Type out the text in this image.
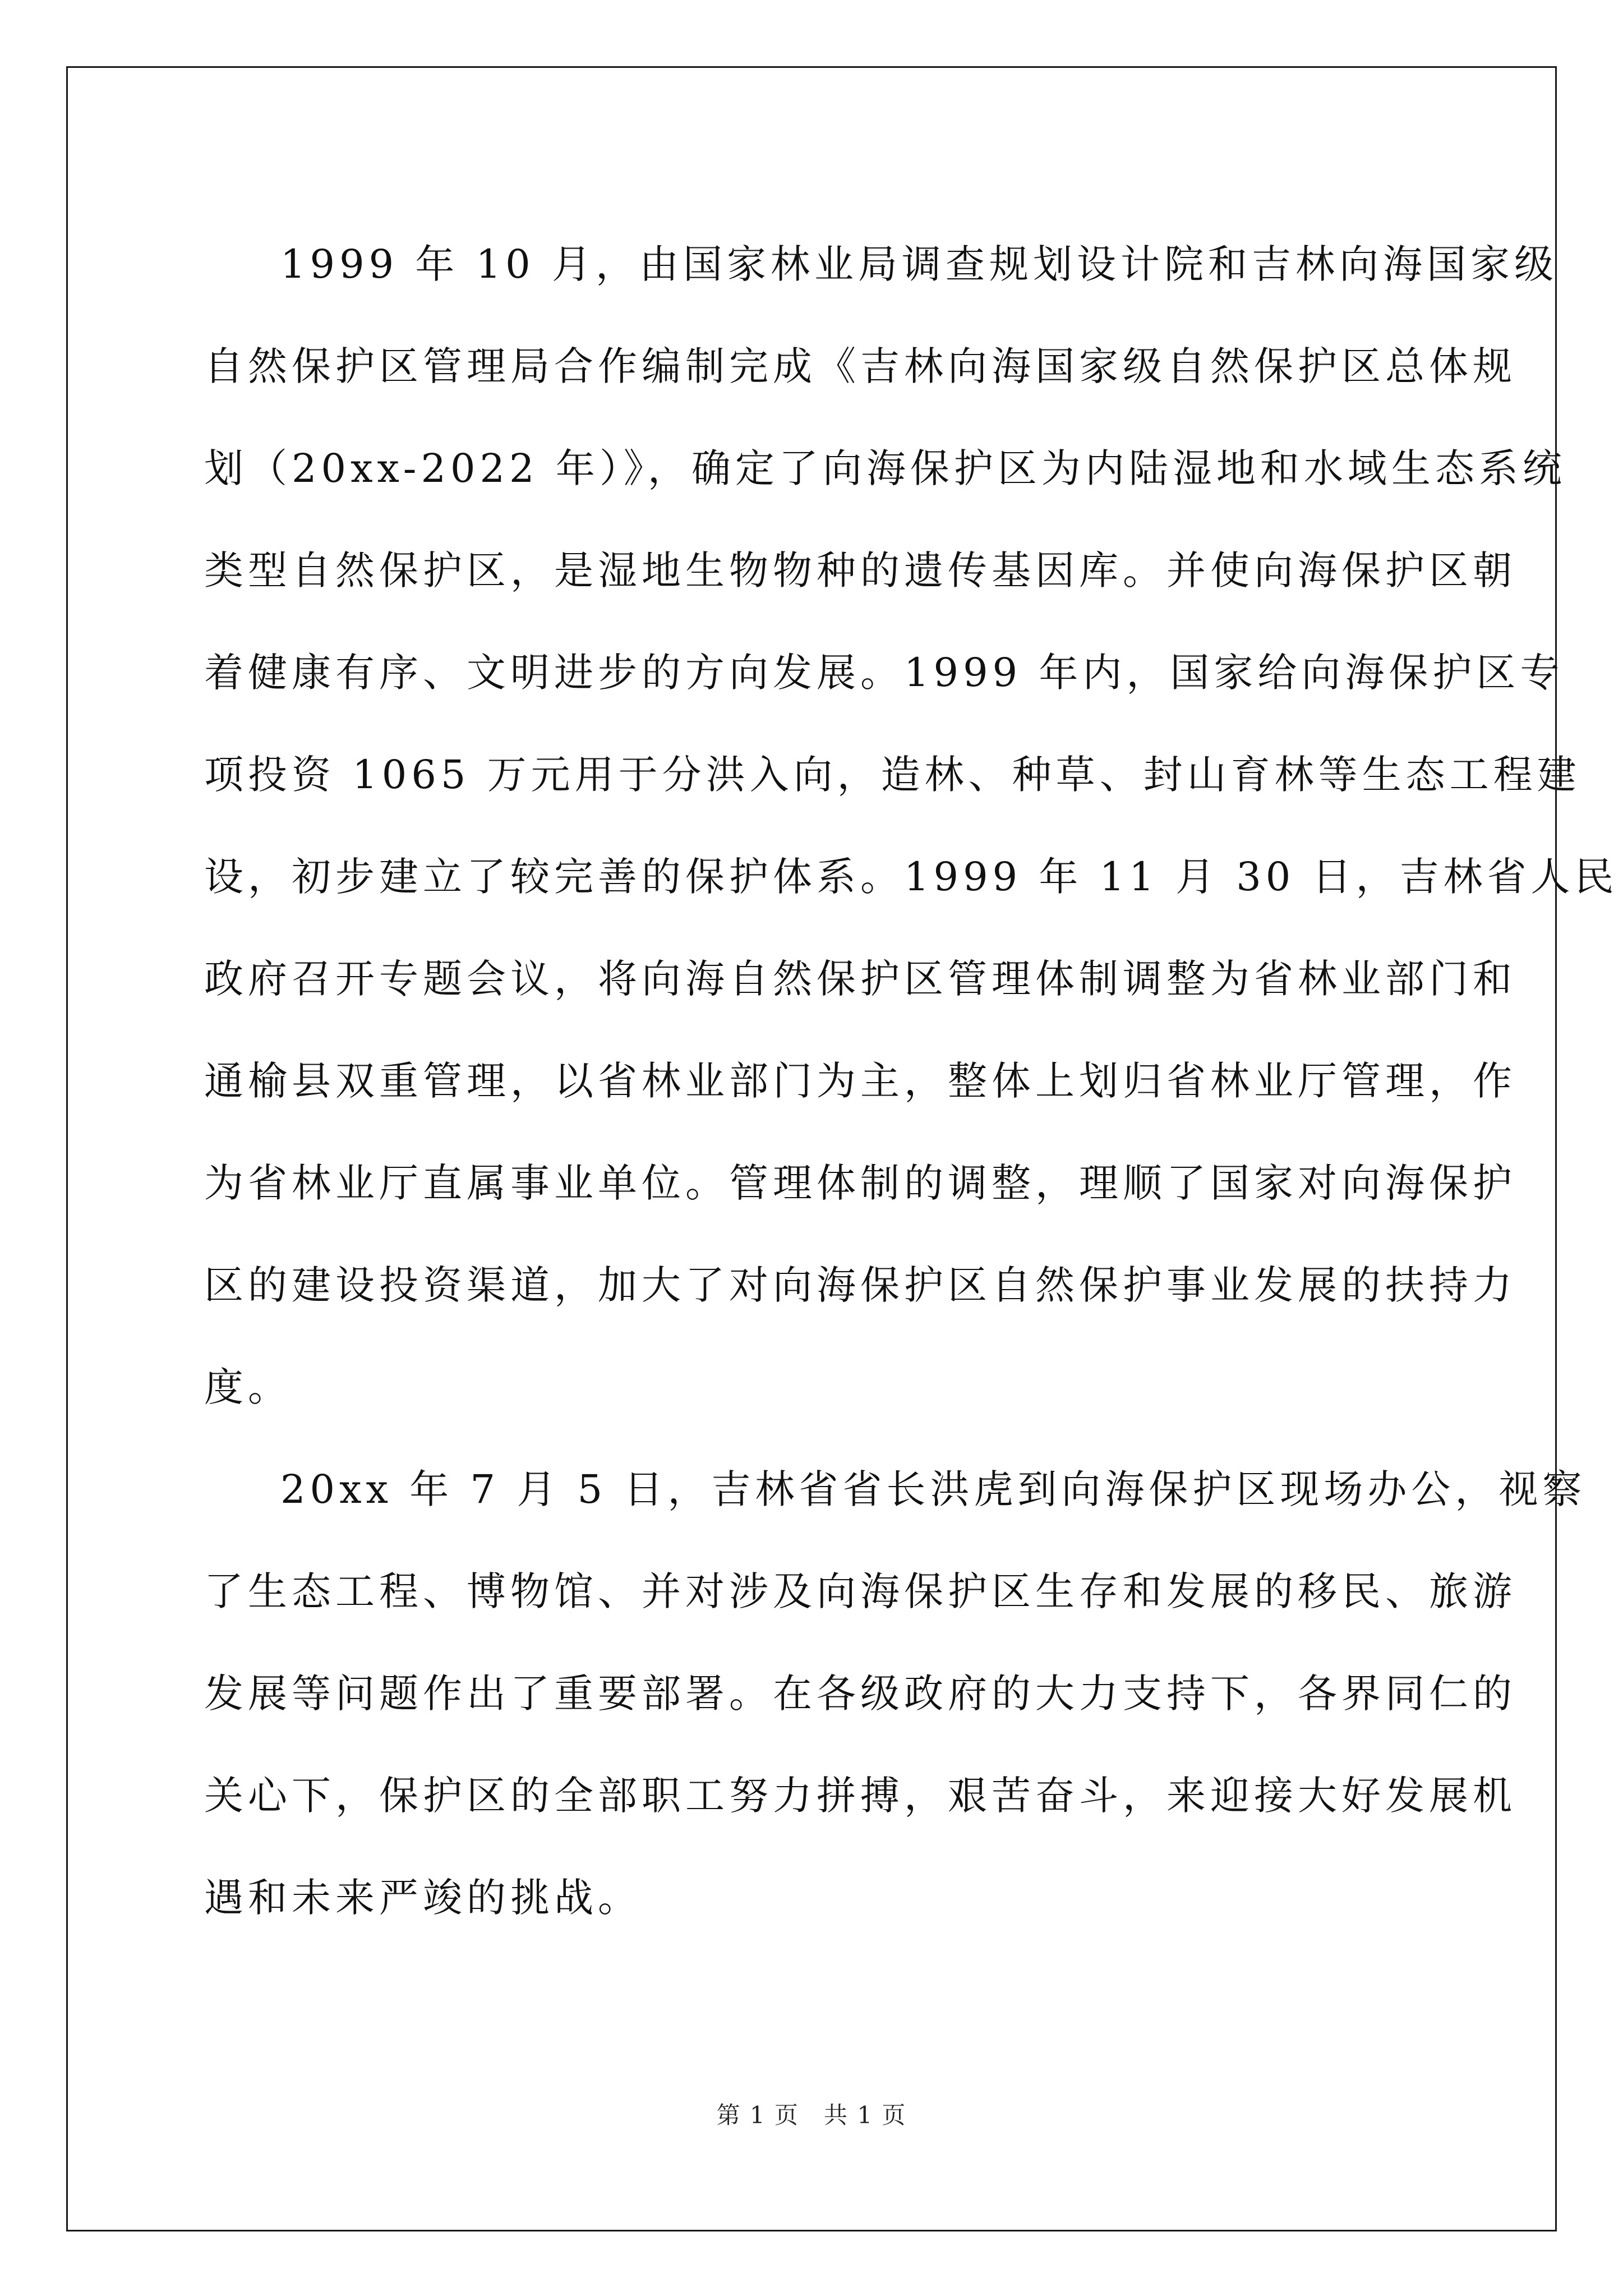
1999 年 10 月，由国家林业局调查规划设计院和吉林向海国家级
自然保护区管理局合作编制完成《吉林向海国家级自然保护区总体规
划（20xx-2022 年）》，确定了向海保护区为内陆湿地和水域生态系统
类型自然保护区，是湿地生物物种的遗传基因库。并使向海保护区朝
着健康有序、文明进步的方向发展。1999 年内，国家给向海保护区专
项投资 1065 万元用于分洪入向，造林、种草、封山育林等生态工程建
设，初步建立了较完善的保护体系。1999 年 11 月 30 日，吉林省人民
政府召开专题会议，将向海自然保护区管理体制调整为省林业部门和
通榆县双重管理，以省林业部门为主，整体上划归省林业厅管理，作
为省林业厅直属事业单位。管理体制的调整，理顺了国家对向海保护
区的建设投资渠道，加大了对向海保护区自然保护事业发展的扶持力
度。

20xx 年 7 月 5 日，吉林省省长洪虎到向海保护区现场办公，视察
了生态工程、博物馆、并对涉及向海保护区生存和发展的移民、旅游
发展等问题作出了重要部署。在各级政府的大力支持下，各界同仁的
关心下，保护区的全部职工努力拼搏，艰苦奋斗，来迎接大好发展机
遇和未来严竣的挑战。

第 1 页　共 1 页
